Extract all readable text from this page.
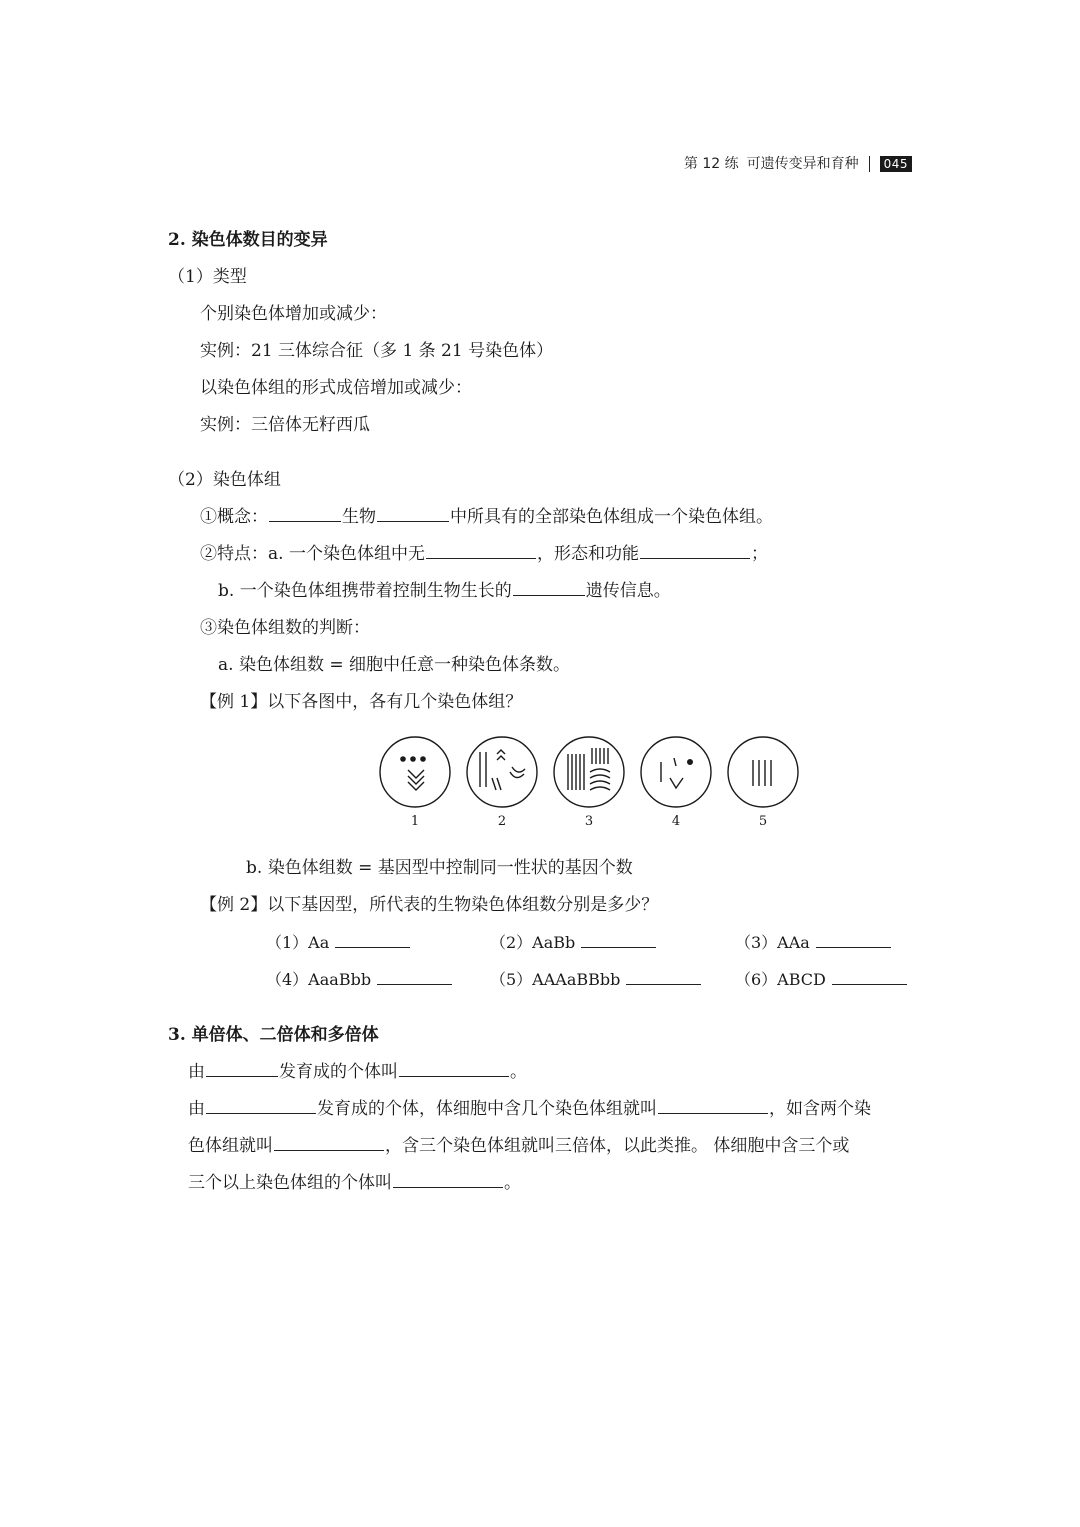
第 12 练 可遗传变异和育种	045
2. 染色体数目的变异
（1）类型
个别染色体增加或减少：
实例：21 三体综合征（多 1 条 21 号染色体）
以染色体组的形式成倍增加或减少：
实例：三倍体无籽西瓜
（2）染色体组
①概念：	生物	中所具有的全部染色体组成一个染色体组。
②特点：a. 一个染色体组中无	，形态和功能	；
b. 一个染色体组携带着控制生物生长的	遗传信息。
③染色体组数的判断：
a. 染色体组数 = 细胞中任意一种染色体条数。
【例 1】以下各图中，各有几个染色体组？
1	2	3	4	5
b. 染色体组数 = 基因型中控制同一性状的基因个数
【例 2】以下基因型，所代表的生物染色体组数分别是多少？
（1）Aa	（2）AaBb	（3）AAa
（4）AaaBbb	（5）AAAaBBbb	（6）ABCD
3. 单倍体、二倍体和多倍体
由	发育成的个体叫	。
由	发育成的个体，体细胞中含几个染色体组就叫	，如含两个染
色体组就叫	，含三个染色体组就叫三倍体，以此类推。 体细胞中含三个或
三个以上染色体组的个体叫	。
